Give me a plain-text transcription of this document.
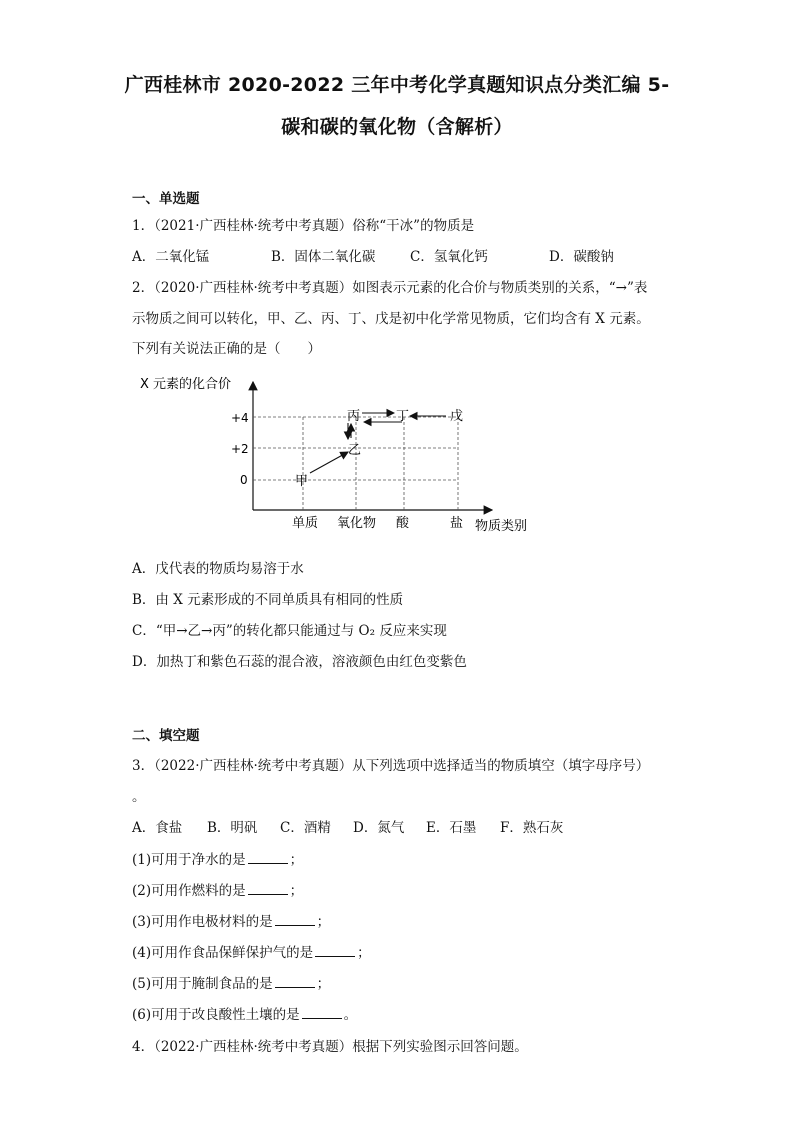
广西桂林市 2020-2022 三年中考化学真题知识点分类汇编 5-
碳和碳的氧化物（含解析）
一、单选题
1．（2021·广西桂林·统考中考真题）俗称“干冰”的物质是
A．二氧化锰	B．固体二氧化碳	C．氢氧化钙	D．碳酸钠
2．（2020·广西桂林·统考中考真题）如图表示元素的化合价与物质类别的关系，“→”表
示物质之间可以转化，甲、乙、丙、丁、戊是初中化学常见物质，它们均含有 X 元素。
下列有关说法正确的是（　　）
X 元素的化合价
+4
+2
0
单质 氧化物 酸	盐 物质类别
甲
乙
丙	丁	戊
A．戊代表的物质均易溶于水
B．由 X 元素形成的不同单质具有相同的性质
C．“甲→乙→丙”的转化都只能通过与 O₂ 反应来实现
D．加热丁和紫色石蕊的混合液，溶液颜色由红色变紫色
二、填空题
3．（2022·广西桂林·统考中考真题）从下列选项中选择适当的物质填空（填字母序号）
。
A．食盐 B．明矾 C．酒精 D．氮气 E．石墨 F．熟石灰
(1)可用于净水的是	；
(2)可用作燃料的是	；
(3)可用作电极材料的是	；
(4)可用作食品保鲜保护气的是	；
(5)可用于腌制食品的是	；
(6)可用于改良酸性土壤的是	。
4．（2022·广西桂林·统考中考真题）根据下列实验图示回答问题。
